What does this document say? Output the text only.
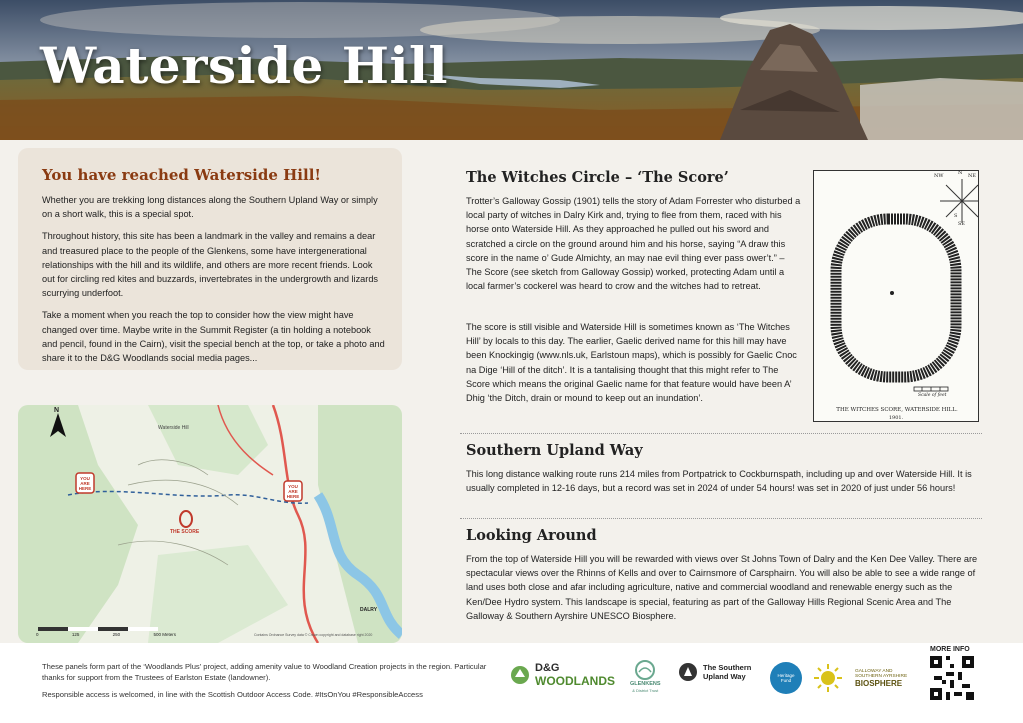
Waterside Hill
You have reached Waterside Hill!

Whether you are trekking long distances along the Southern Upland Way or simply on a short walk, this is a special spot.

Throughout history, this site has been a landmark in the valley and remains a dear and treasured place to the people of the Glenkens, some have intergenerational relationships with the hill and its wildlife, and others are more recent friends. Look out for circling red kites and buzzards, invertebrates in the undergrowth and lizards scurrying underfoot.

Take a moment when you reach the top to consider how the view might have changed over time. Maybe write in the Summit Register (a tin holding a notebook and pencil, found in the Cairn), visit the special bench at the top, or take a photo and share it to the D&G Woodlands social media pages...

N
YOU ARE HERE	YOU ARE HERE
THE SCORE
Waterside Hill
DALRY
0	125	250	500 Meters	Contains Ordnance Survey data © Crown copyright and database right 2020
The Witches Circle – ‘The Score’

Trotter’s Galloway Gossip (1901) tells the story of Adam Forrester who disturbed a local party of witches in Dalry Kirk and, trying to flee from them, raced with his horse onto Waterside Hill. As they approached he pulled out his sword and scratched a circle on the ground around him and his horse, saying “A draw this score in the name o’ Gude Almichty, an may nae evil thing ever pass ower’t.” – The Score (see sketch from Galloway Gossip) worked, protecting Adam until a local farmer’s cockerel was heard to crow and the witches had to retreat.

The score is still visible and Waterside Hill is sometimes known as ‘The Witches Hill’ by locals to this day. The earlier, Gaelic derived name for this hill may have been Knockingig (www.nls.uk, Earlstoun maps), which is possibly for Gaelic Cnoc na Dige ‘Hill of the ditch’. It is a tantalising thought that this might refer to The Score which means the original Gaelic name for that feature would have been A’ Dhig ‘the Ditch, drain or mound to keep out an inundation’.

NW	N NE
SE
S
Scale of feet
THE WITCHES SCORE, WATERSIDE HILL.
1901.
Southern Upland Way

This long distance walking route runs 214 miles from Portpatrick to Cockburnspath, including up and over Waterside Hill. It is usually completed in 12-16 days, but a record was set in 2024 of under 54 hours! was set in 2020 of just under 56 hours!

Looking Around

From the top of Waterside Hill you will be rewarded with views over St Johns Town of Dalry and the Ken Dee Valley. There are spectacular views over the Rhinns of Kells and over to Cairnsmore of Carsphairn. You will also be able to see a wide range of land uses both close and afar including agriculture, native and commercial woodland and renewable energy such as the Ken/Dee Hydro system. This landscape is special, featuring as part of the Galloway Hills Regional Scenic Area and The Galloway & Southern Ayrshire UNESCO Biosphere.

These panels form part of the ‘Woodlands Plus’ project, adding amenity value to Woodland Creation projects in the region. Particular thanks for support from the Trustees of Earlston Estate (landowner).

Responsible access is welcomed, in line with the Scottish Outdoor Access Code. #ItsOnYou #ResponsibleAccess

D&G
WOODLANDS	GLENKENS
& District Trust
The Southern
Upland Way	Heritage
Fund
GALLOWAY AND
SOUTHERN AYRSHIRE
BIOSPHERE
MORE INFO
